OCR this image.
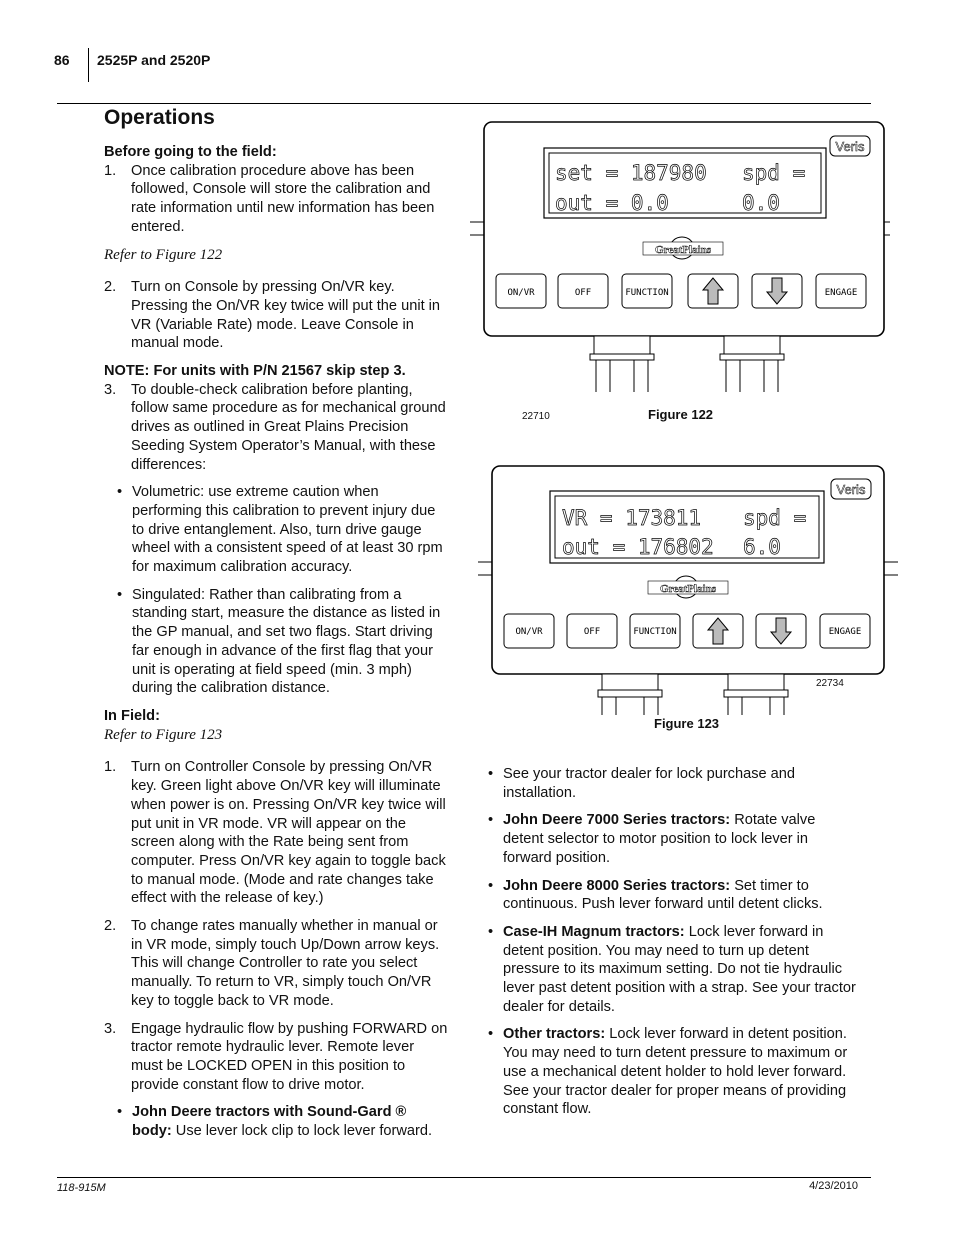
86 2525P and 2520P
Operations

Before going to the field:

1.	Once calibration procedure above has been followed, Console will store the calibration and rate information until new information has been entered.

Refer to Figure 122

2.	Turn on Console by pressing On/VR key. Pressing the On/VR key twice will put the unit in VR (Variable Rate) mode. Leave Console in manual mode.

NOTE: For units with P/N 21567 skip step 3.

3.	To double-check calibration before planting, follow same procedure as for mechanical ground drives as outlined in Great Plains Precision Seeding System Operator’s Manual, with these differences:
• Volumetric: use extreme caution when performing this calibration to prevent injury due to drive entanglement. Also, turn drive gauge wheel with a consistent speed of at least 30 rpm for maximum calibration accuracy.
• Singulated: Rather than calibrating from a standing start, measure the distance as listed in the GP manual, and set two flags. Start driving far enough in advance of the first flag that your unit is operating at field speed (min. 3 mph) during the calibration distance.

In Field:

Refer to Figure 123

1.	Turn on Controller Console by pressing On/VR key. Green light above On/VR key will illuminate when power is on. Pressing On/VR key twice will put unit in VR mode. VR will appear on the screen along with the Rate being sent from computer. Press On/VR key again to toggle back to manual mode. (Mode and rate changes take effect with the release of key.)
2.	To change rates manually whether in manual or in VR mode, simply touch Up/Down arrow keys. This will change Controller to rate you select manually. To return to VR, simply touch On/VR key to toggle back to VR mode.
3.	Engage hydraulic flow by pushing FORWARD on tractor remote hydraulic lever. Remote lever must be LOCKED OPEN in this position to provide constant flow to drive motor.
• John Deere tractors with Sound-Gard ® body: Use lever lock clip to lock lever forward.
set = 187980 spd =
out = 0.0	0.0
Veris
GreatPlains
ON/VR	OFF	FUNCTION	ENGAGE
22710	Figure 122
VR = 173811 spd =
out = 176802 6.0
Veris
GreatPlains
ON/VR	OFF	FUNCTION	ENGAGE
22734
Figure 123
• See your tractor dealer for lock purchase and installation.
• John Deere 7000 Series tractors: Rotate valve detent selector to motor position to lock lever in forward position.
• John Deere 8000 Series tractors: Set timer to continuous. Push lever forward until detent clicks.
• Case-IH Magnum tractors: Lock lever forward in detent position. You may need to turn up detent pressure to its maximum setting. Do not tie hydraulic lever past detent position with a strap. See your tractor dealer for details.
• Other tractors: Lock lever forward in detent position. You may need to turn detent pressure to maximum or use a mechanical detent holder to hold lever forward. See your tractor dealer for proper means of providing constant flow.
118-915M	4/23/2010
